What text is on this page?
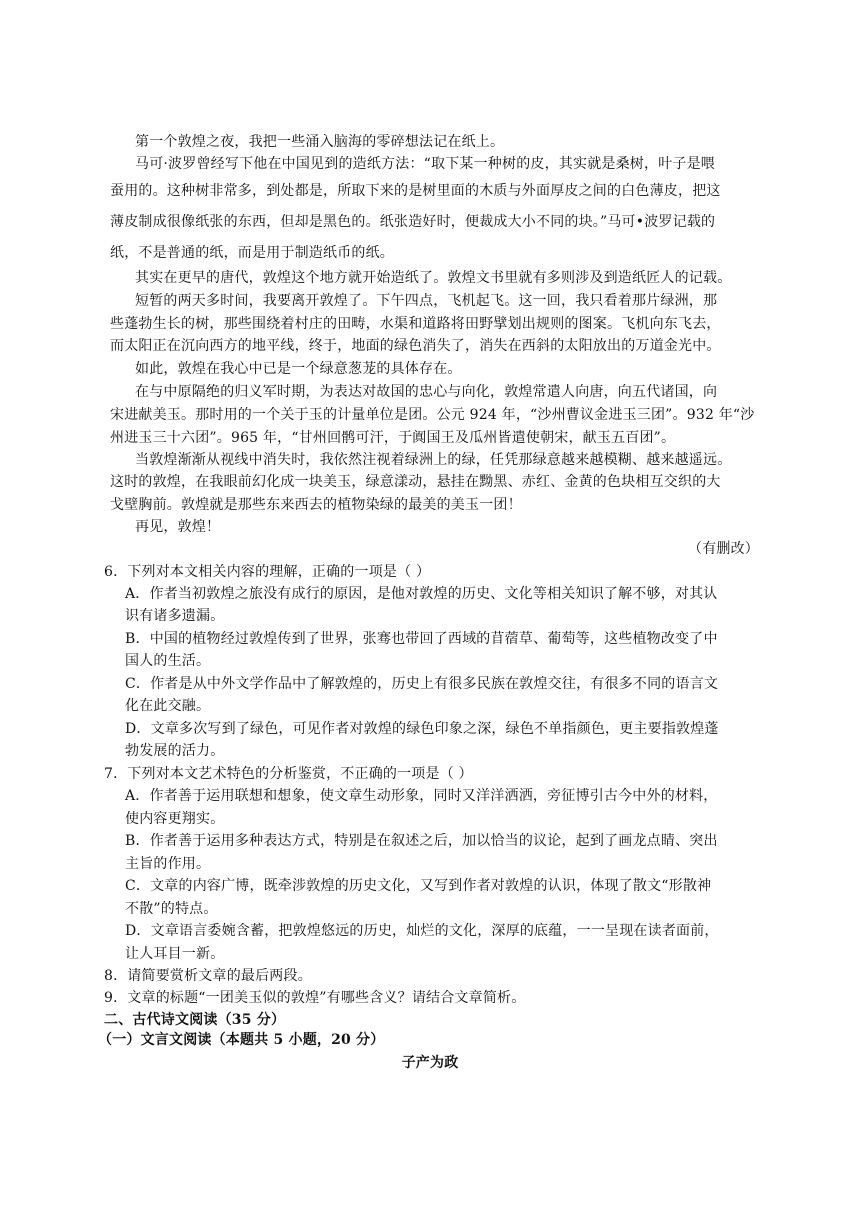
第一个敦煌之夜，我把一些涌入脑海的零碎想法记在纸上。
马可·波罗曾经写下他在中国见到的造纸方法：“取下某一种树的皮，其实就是桑树，叶子是喂
蚕用的。这种树非常多，到处都是，所取下来的是树里面的木质与外面厚皮之间的白色薄皮，把这
薄皮制成很像纸张的东西，但却是黑色的。纸张造好时，便裁成大小不同的块。”马可•波罗记载的
纸，不是普通的纸，而是用于制造纸币的纸。
其实在更早的唐代，敦煌这个地方就开始造纸了。敦煌文书里就有多则涉及到造纸匠人的记载。
短暂的两天多时间，我要离开敦煌了。下午四点，飞机起飞。这一回，我只看着那片绿洲，那
些蓬勃生长的树，那些围绕着村庄的田畴，水渠和道路将田野擘划出规则的图案。飞机向东飞去，
而太阳正在沉向西方的地平线，终于，地面的绿色消失了，消失在西斜的太阳放出的万道金光中。
如此，敦煌在我心中已是一个绿意葱茏的具体存在。
在与中原隔绝的归义军时期，为表达对故国的忠心与向化，敦煌常遣人向唐，向五代诸国，向
宋进献美玉。那时用的一个关于玉的计量单位是团。公元 924 年，“沙州曹议金进玉三团”。932 年“沙
州进玉三十六团”。965 年，“甘州回鹘可汗，于阗国王及瓜州皆遣使朝宋，献玉五百团”。
当敦煌渐渐从视线中消失时，我依然注视着绿洲上的绿，任凭那绿意越来越模糊、越来越遥远。
这时的敦煌，在我眼前幻化成一块美玉，绿意漾动，悬挂在黝黑、赤红、金黄的色块相互交织的大
戈壁胸前。敦煌就是那些东来西去的植物染绿的最美的美玉一团！
再见，敦煌！
（有删改）
6．下列对本文相关内容的理解，正确的一项是（ ）
A．作者当初敦煌之旅没有成行的原因，是他对敦煌的历史、文化等相关知识了解不够，对其认
识有诸多遗漏。
B．中国的植物经过敦煌传到了世界，张骞也带回了西域的苜蓿草、葡萄等，这些植物改变了中
国人的生活。
C．作者是从中外文学作品中了解敦煌的，历史上有很多民族在敦煌交往，有很多不同的语言文
化在此交融。
D．文章多次写到了绿色，可见作者对敦煌的绿色印象之深，绿色不单指颜色，更主要指敦煌蓬
勃发展的活力。
7．下列对本文艺术特色的分析鉴赏，不正确的一项是（ ）
A．作者善于运用联想和想象，使文章生动形象，同时又洋洋洒洒，旁征博引古今中外的材料，
使内容更翔实。
B．作者善于运用多种表达方式，特别是在叙述之后，加以恰当的议论，起到了画龙点睛、突出
主旨的作用。
C．文章的内容广博，既牵涉敦煌的历史文化，又写到作者对敦煌的认识，体现了散文“形散神
不散”的特点。
D．文章语言委婉含蓄，把敦煌悠远的历史，灿烂的文化，深厚的底蕴，一一呈现在读者面前，
让人耳目一新。
8．请简要赏析文章的最后两段。
9．文章的标题“一团美玉似的敦煌”有哪些含义？请结合文章简析。
二、古代诗文阅读（35 分）
（一）文言文阅读（本题共 5 小题，20 分）
子产为政
